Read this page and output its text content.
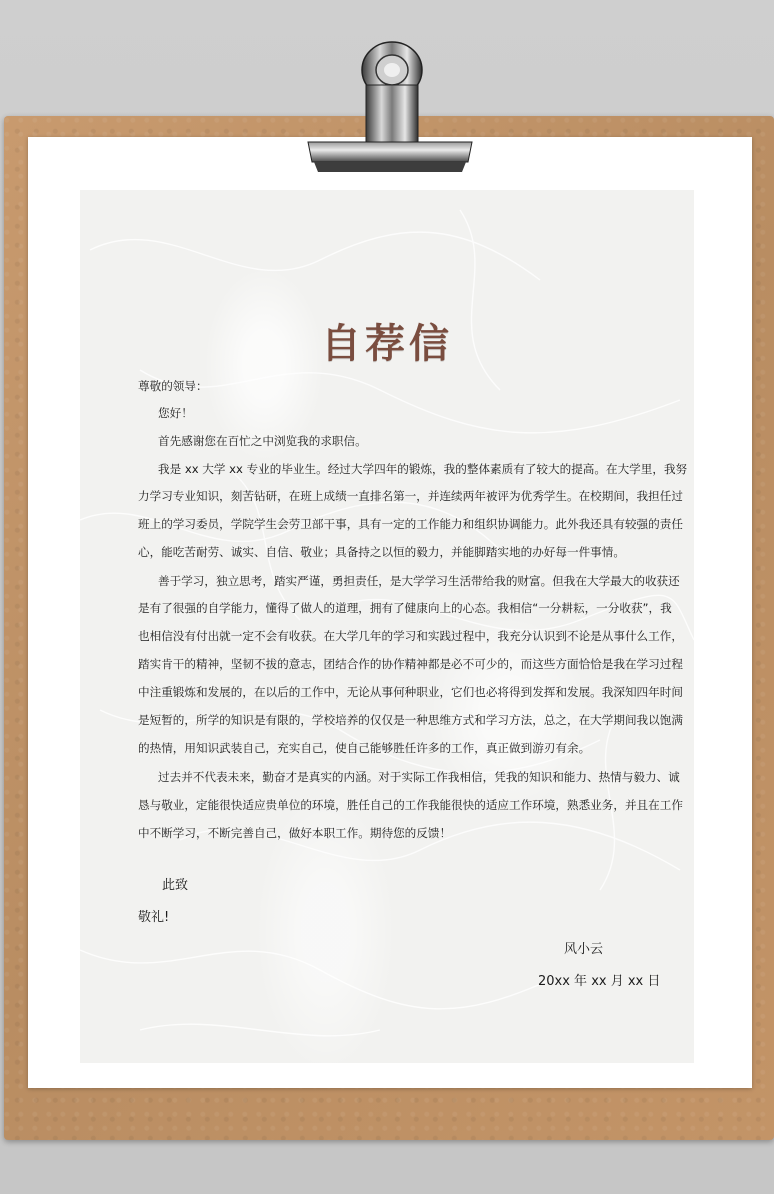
自荐信
尊敬的领导：
您好！
首先感谢您在百忙之中浏览我的求职信。
我是 xx 大学 xx 专业的毕业生。经过大学四年的锻炼，我的整体素质有了较大的提高。在大学里，我努
力学习专业知识，刻苦钻研，在班上成绩一直排名第一，并连续两年被评为优秀学生。在校期间，我担任过
班上的学习委员，学院学生会劳卫部干事，具有一定的工作能力和组织协调能力。此外我还具有较强的责任
心，能吃苦耐劳、诚实、自信、敬业；具备持之以恒的毅力，并能脚踏实地的办好每一件事情。
善于学习，独立思考，踏实严谨，勇担责任，是大学学习生活带给我的财富。但我在大学最大的收获还
是有了很强的自学能力，懂得了做人的道理，拥有了健康向上的心态。我相信“一分耕耘，一分收获”，我
也相信没有付出就一定不会有收获。在大学几年的学习和实践过程中，我充分认识到不论是从事什么工作，
踏实肯干的精神，坚韧不拔的意志，团结合作的协作精神都是必不可少的，而这些方面恰恰是我在学习过程
中注重锻炼和发展的，在以后的工作中，无论从事何种职业，它们也必将得到发挥和发展。我深知四年时间
是短暂的，所学的知识是有限的，学校培养的仅仅是一种思维方式和学习方法，总之，在大学期间我以饱满
的热情，用知识武装自己，充实自己，使自己能够胜任许多的工作，真正做到游刃有余。
过去并不代表未来，勤奋才是真实的内涵。对于实际工作我相信，凭我的知识和能力、热情与毅力、诚
恳与敬业，定能很快适应贵单位的环境，胜任自己的工作我能很快的适应工作环境，熟悉业务，并且在工作
中不断学习，不断完善自己，做好本职工作。期待您的反馈！
此致
敬礼!
风小云
20xx 年 xx 月 xx 日
